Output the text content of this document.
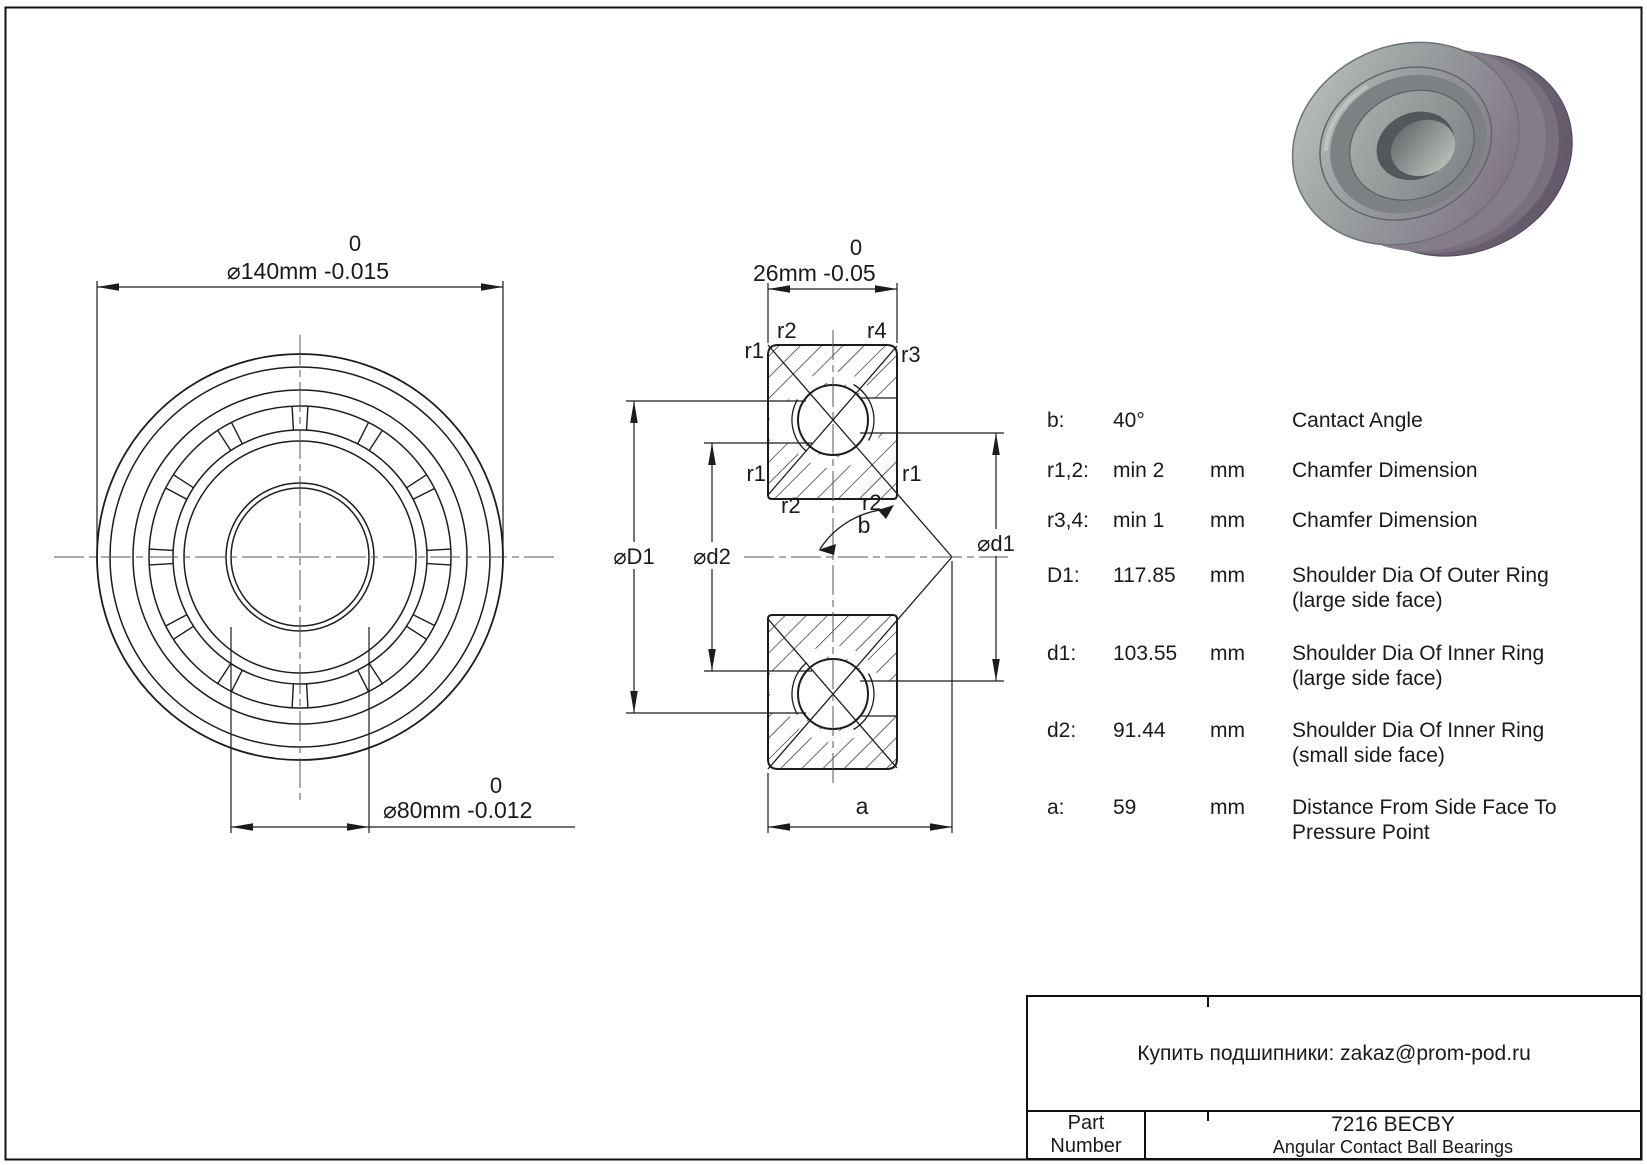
0
⌀140mm -0.015
0
⌀80mm -0.012
0
26mm -0.05
r2	r4
r1	r3
r1	r1
r2	r2
b
⌀D1 ⌀d2
⌀d1
a
b: 40°	Cantact Angle
r1,2: min 2 mm Chamfer Dimension
r3,4: min 1 mm Chamfer Dimension
D1: 117.85 mm Shoulder Dia Of Outer Ring
(large side face)
d1: 103.55 mm Shoulder Dia Of Inner Ring
(large side face)
d2: 91.44 mm Shoulder Dia Of Inner Ring
(small side face)
a: 59	mm Distance From Side Face To
Pressure Point
Купить подшипники: zakaz@prom-pod.ru
Part
Number
7216 BECBY
Angular Contact Ball Bearings
